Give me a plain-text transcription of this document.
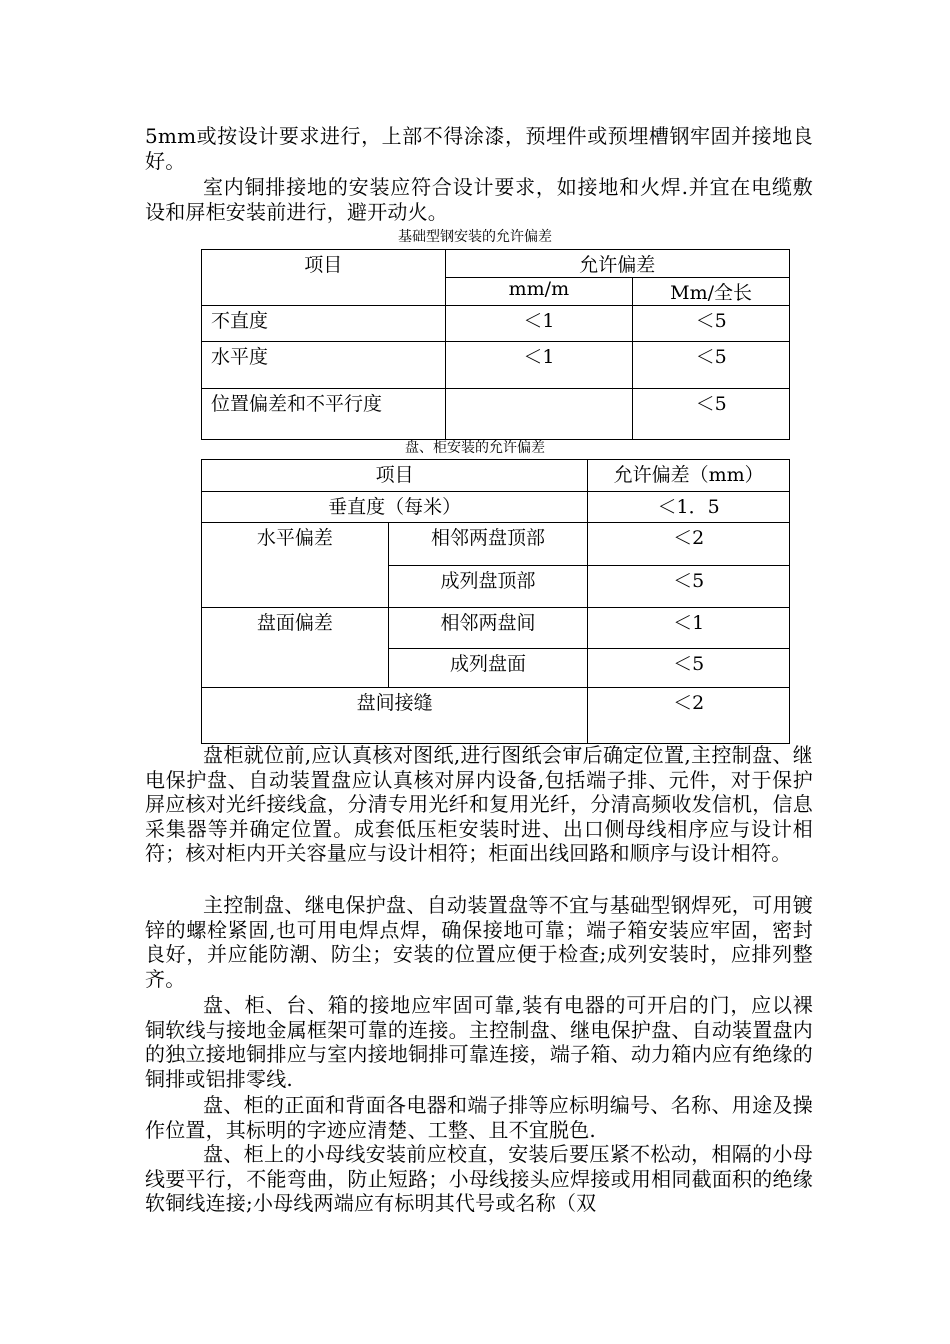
5mm或按设计要求进行，上部不得涂漆，预埋件或预埋槽钢牢固并接地良好。

室内铜排接地的安装应符合设计要求，如接地和火焊.并宜在电缆敷设和屏柜安装前进行，避开动火。

基础型钢安装的允许偏差
项目	允许偏差	
	mm/m	Mm/全长
不直度	＜1	＜5
水平度	＜1	＜5
位置偏差和不平行度		＜5
盘、柜安装的允许偏差
项目		允许偏差（mm）
垂直度（每米）		＜1．5
水平偏差	相邻两盘顶部	＜2
	成列盘顶部	＜5
盘面偏差	相邻两盘间	＜1
	成列盘面	＜5
盘间接缝		＜2

盘柜就位前,应认真核对图纸,进行图纸会审后确定位置,主控制盘、继电保护盘、自动装置盘应认真核对屏内设备,包括端子排、元件，对于保护屏应核对光纤接线盒，分清专用光纤和复用光纤，分清高频收发信机，信息采集器等并确定位置。成套低压柜安装时进、出口侧母线相序应与设计相符；核对柜内开关容量应与设计相符；柜面出线回路和顺序与设计相符。

主控制盘、继电保护盘、自动装置盘等不宜与基础型钢焊死，可用镀锌的螺栓紧固,也可用电焊点焊，确保接地可靠；端子箱安装应牢固，密封良好，并应能防潮、防尘；安装的位置应便于检查;成列安装时，应排列整齐。

盘、柜、台、箱的接地应牢固可靠,装有电器的可开启的门，应以裸铜软线与接地金属框架可靠的连接。主控制盘、继电保护盘、自动装置盘内的独立接地铜排应与室内接地铜排可靠连接，端子箱、动力箱内应有绝缘的铜排或铝排零线.

盘、柜的正面和背面各电器和端子排等应标明编号、名称、用途及操作位置，其标明的字迹应清楚、工整、且不宜脱色.

盘、柜上的小母线安装前应校直，安装后要压紧不松动，相隔的小母线要平行，不能弯曲，防止短路；小母线接头应焊接或用相同截面积的绝缘软铜线连接;小母线两端应有标明其代号或名称（双
